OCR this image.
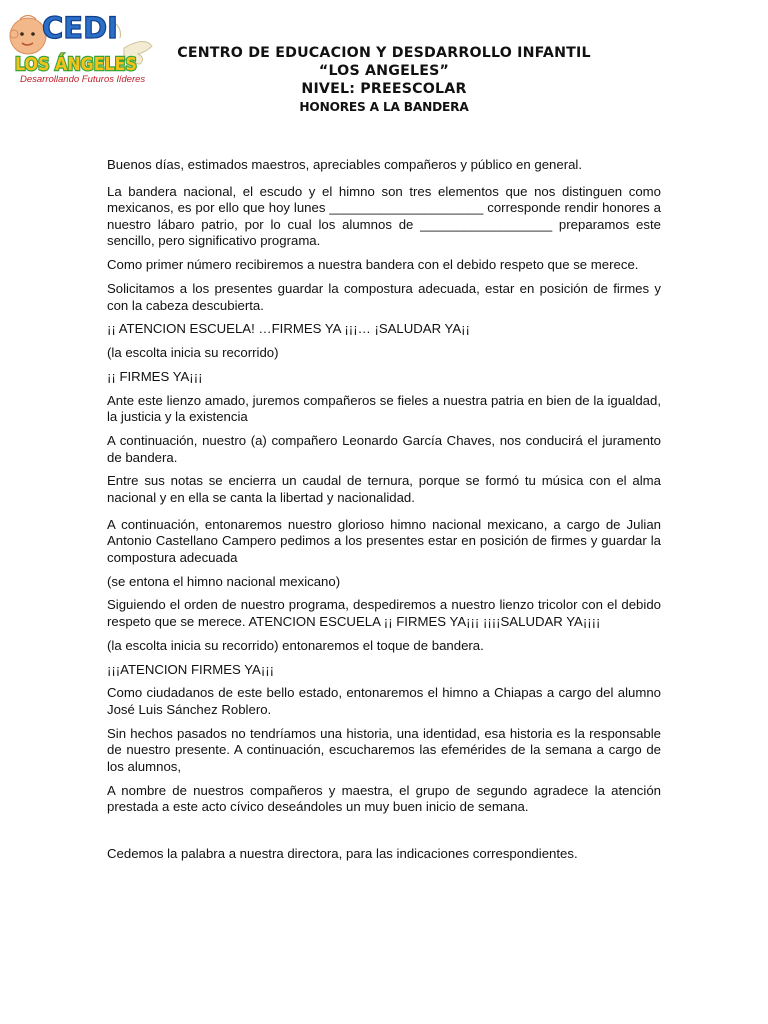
CEDI
LOS ÁNGELES
Desarrollando Futuros líderes
CENTRO DE EDUCACION Y DESDARROLLO INFANTIL
“LOS ANGELES”
NIVEL: PREESCOLAR
HONORES A LA BANDERA

Buenos días, estimados maestros, apreciables compañeros y público en general.

La bandera nacional, el escudo y el himno son tres elementos que nos distinguen como mexicanos, es por ello que hoy lunes _____________________ corresponde rendir honores a nuestro lábaro patrio, por lo cual los alumnos de __________________ preparamos este sencillo, pero significativo programa.

Como primer número recibiremos a nuestra bandera con el debido respeto que se merece.

Solicitamos a los presentes guardar la compostura adecuada, estar en posición de firmes y con la cabeza descubierta.

¡¡ ATENCION ESCUELA! …FIRMES YA ¡¡¡… ¡SALUDAR YA¡¡

(la escolta inicia su recorrido)

¡¡ FIRMES YA¡¡¡

Ante este lienzo amado, juremos compañeros se fieles a nuestra patria en bien de la igualdad, la justicia y la existencia

A continuación, nuestro (a) compañero Leonardo García Chaves, nos conducirá el juramento de bandera.

Entre sus notas se encierra un caudal de ternura, porque se formó tu música con el alma nacional y en ella se canta la libertad y nacionalidad.

A continuación, entonaremos nuestro glorioso himno nacional mexicano, a cargo de Julian Antonio Castellano Campero pedimos a los presentes estar en posición de firmes y guardar la compostura adecuada

(se entona el himno nacional mexicano)

Siguiendo el orden de nuestro programa, despediremos a nuestro lienzo tricolor con el debido respeto que se merece. ATENCION ESCUELA ¡¡ FIRMES YA¡¡¡ ¡¡¡¡SALUDAR YA¡¡¡¡

(la escolta inicia su recorrido) entonaremos el toque de bandera.

¡¡¡ATENCION FIRMES YA¡¡¡

Como ciudadanos de este bello estado, entonaremos el himno a Chiapas a cargo del alumno José Luis Sánchez Roblero.

Sin hechos pasados no tendríamos una historia, una identidad, esa historia es la responsable de nuestro presente. A continuación, escucharemos las efemérides de la semana a cargo de los alumnos,

A nombre de nuestros compañeros y maestra, el grupo de segundo agradece la atención prestada a este acto cívico deseándoles un muy buen inicio de semana.

Cedemos la palabra a nuestra directora, para las indicaciones correspondientes.
